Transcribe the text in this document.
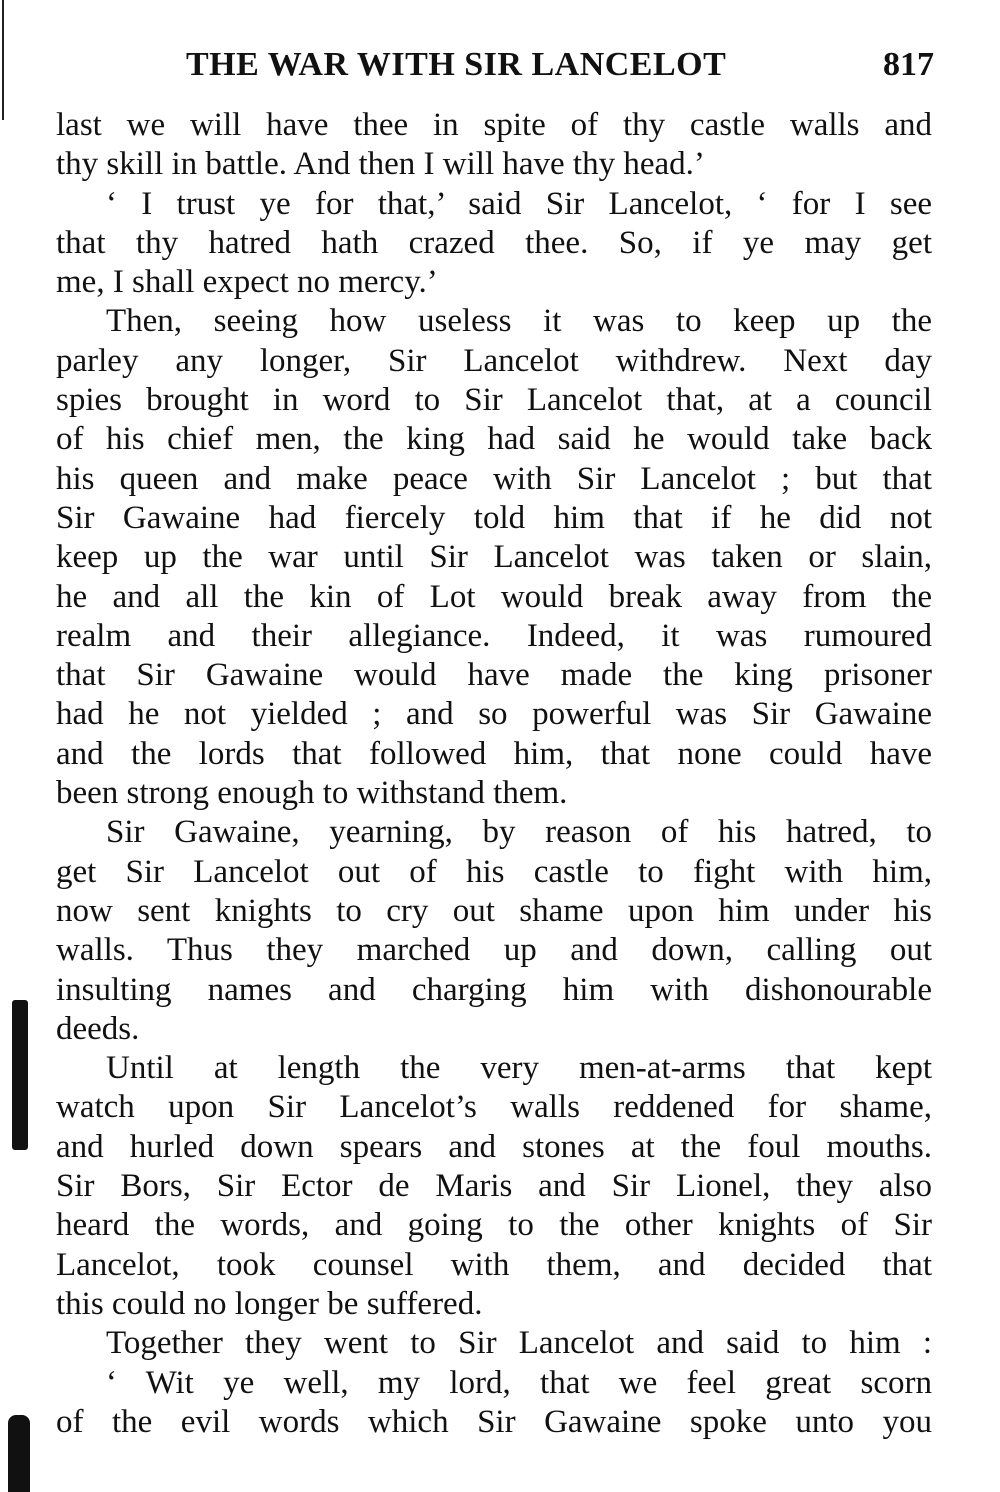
THE WAR WITH SIR LANCELOT	817
last we will have thee in spite of thy castle walls and
thy skill in battle. And then I will have thy head.’
‘ I trust ye for that,’ said Sir Lancelot, ‘ for I see
that thy hatred hath crazed thee. So, if ye may get
me, I shall expect no mercy.’
Then, seeing how useless it was to keep up the
parley any longer, Sir Lancelot withdrew. Next day
spies brought in word to Sir Lancelot that, at a council
of his chief men, the king had said he would take back
his queen and make peace with Sir Lancelot ; but that
Sir Gawaine had fiercely told him that if he did not
keep up the war until Sir Lancelot was taken or slain,
he and all the kin of Lot would break away from the
realm and their allegiance. Indeed, it was rumoured
that Sir Gawaine would have made the king prisoner
had he not yielded ; and so powerful was Sir Gawaine
and the lords that followed him, that none could have
been strong enough to withstand them.
Sir Gawaine, yearning, by reason of his hatred, to
get Sir Lancelot out of his castle to fight with him,
now sent knights to cry out shame upon him under his
walls. Thus they marched up and down, calling out
insulting names and charging him with dishonourable
deeds.
Until at length the very men-at-arms that kept
watch upon Sir Lancelot’s walls reddened for shame,
and hurled down spears and stones at the foul mouths.
Sir Bors, Sir Ector de Maris and Sir Lionel, they also
heard the words, and going to the other knights of Sir
Lancelot, took counsel with them, and decided that
this could no longer be suffered.
Together they went to Sir Lancelot and said to him :
‘ Wit ye well, my lord, that we feel great scorn
of the evil words which Sir Gawaine spoke unto you
